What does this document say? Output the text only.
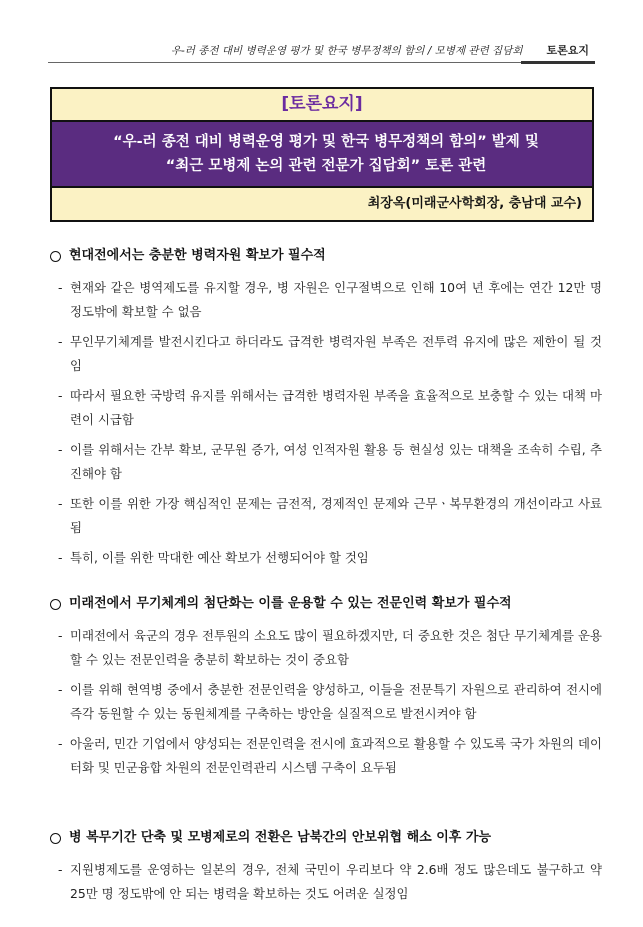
우-러 종전 대비 병력운영 평가 및 한국 병무정책의 함의 / 모병제 관련 집담회	토론요지
[토론요지]
“우-러 종전 대비 병력운영 평가 및 한국 병무정책의 함의” 발제 및
“최근 모병제 논의 관련 전문가 집담회” 토론 관련
최장옥(미래군사학회장, 충남대 교수)
현대전에서는 충분한 병력자원 확보가 필수적
- 현재와 같은 병역제도를 유지할 경우, 병 자원은 인구절벽으로 인해 10여 년 후에는 연간 12만 명 정도밖에 확보할 수 없음
- 무인무기체계를 발전시킨다고 하더라도 급격한 병력자원 부족은 전투력 유지에 많은 제한이 될 것임
- 따라서 필요한 국방력 유지를 위해서는 급격한 병력자원 부족을 효율적으로 보충할 수 있는 대책 마련이 시급함
- 이를 위해서는 간부 확보, 군무원 증가, 여성 인적자원 활용 등 현실성 있는 대책을 조속히 수립, 추진해야 함
- 또한 이를 위한 가장 핵심적인 문제는 금전적, 경제적인 문제와 근무ㆍ복무환경의 개선이라고 사료됨
- 특히, 이를 위한 막대한 예산 확보가 선행되어야 할 것임
미래전에서 무기체계의 첨단화는 이를 운용할 수 있는 전문인력 확보가 필수적
- 미래전에서 육군의 경우 전투원의 소요도 많이 필요하겠지만, 더 중요한 것은 첨단 무기체계를 운용할 수 있는 전문인력을 충분히 확보하는 것이 중요함
- 이를 위해 현역병 중에서 충분한 전문인력을 양성하고, 이들을 전문특기 자원으로 관리하여 전시에 즉각 동원할 수 있는 동원체계를 구축하는 방안을 실질적으로 발전시켜야 함
- 아울러, 민간 기업에서 양성되는 전문인력을 전시에 효과적으로 활용할 수 있도록 국가 차원의 데이터화 및 민군융합 차원의 전문인력관리 시스템 구축이 요두됨
병 복무기간 단축 및 모병제로의 전환은 남북간의 안보위협 해소 이후 가능
- 지원병제도를 운영하는 일본의 경우, 전체 국민이 우리보다 약 2.6배 정도 많은데도 불구하고 약 25만 명 정도밖에 안 되는 병력을 확보하는 것도 어려운 실정임
